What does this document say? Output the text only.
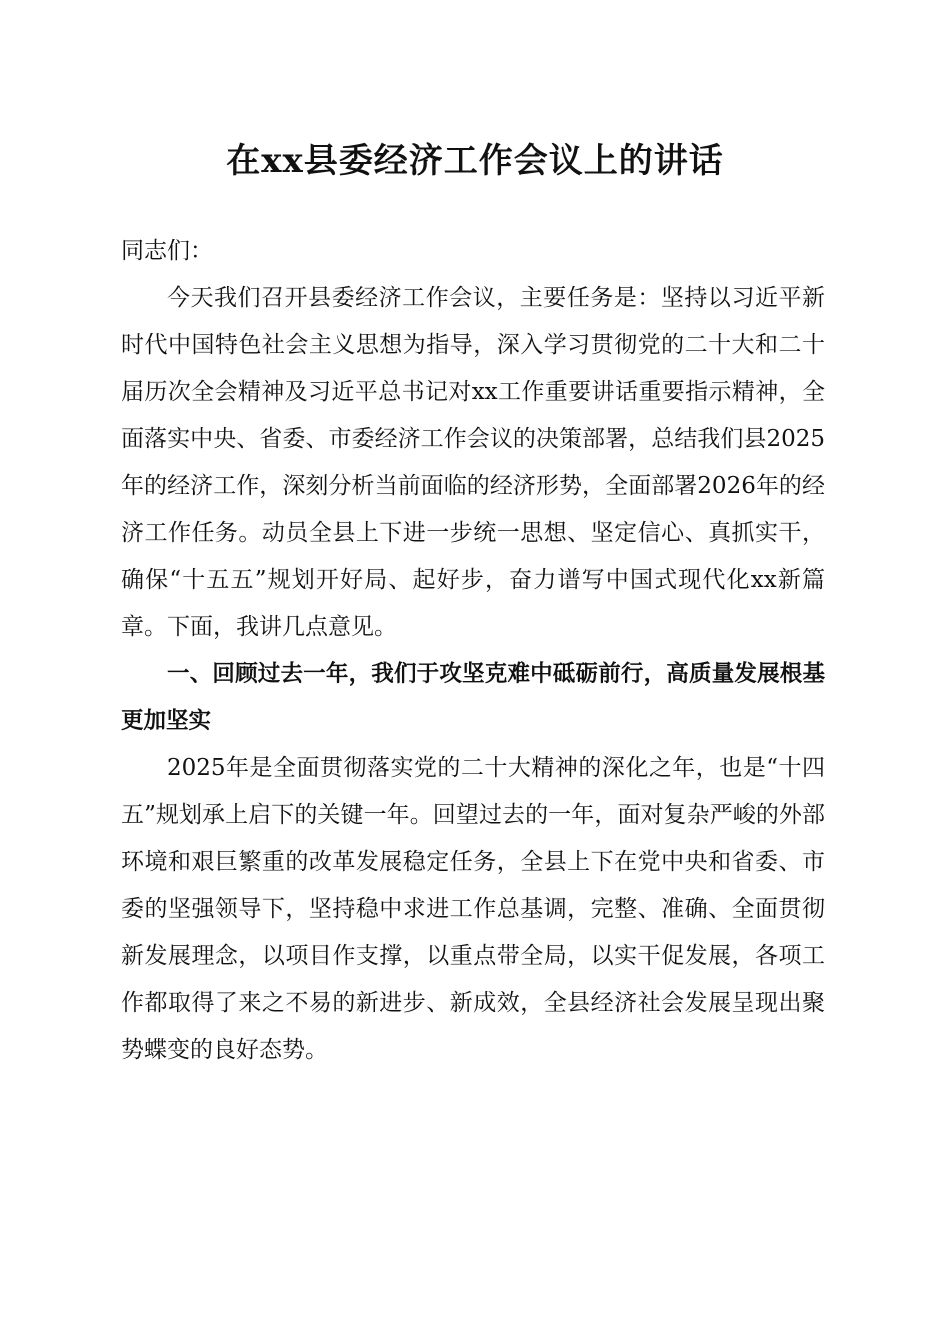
在xx县委经济工作会议上的讲话

同志们：

今天我们召开县委经济工作会议，主要任务是：坚持以习近平新时代中国特色社会主义思想为指导，深入学习贯彻党的二十大和二十届历次全会精神及习近平总书记对xx工作重要讲话重要指示精神，全面落实中央、省委、市委经济工作会议的决策部署，总结我们县2025年的经济工作，深刻分析当前面临的经济形势，全面部署2026年的经济工作任务。动员全县上下进一步统一思想、坚定信心、真抓实干，确保“十五五”规划开好局、起好步，奋力谱写中国式现代化xx新篇章。下面，我讲几点意见。

一、回顾过去一年，我们于攻坚克难中砥砺前行，高质量发展根基更加坚实

2025年是全面贯彻落实党的二十大精神的深化之年，也是“十四五”规划承上启下的关键一年。回望过去的一年，面对复杂严峻的外部环境和艰巨繁重的改革发展稳定任务，全县上下在党中央和省委、市委的坚强领导下，坚持稳中求进工作总基调，完整、准确、全面贯彻新发展理念，以项目作支撑，以重点带全局，以实干促发展，各项工作都取得了来之不易的新进步、新成效，全县经济社会发展呈现出聚势蝶变的良好态势。
